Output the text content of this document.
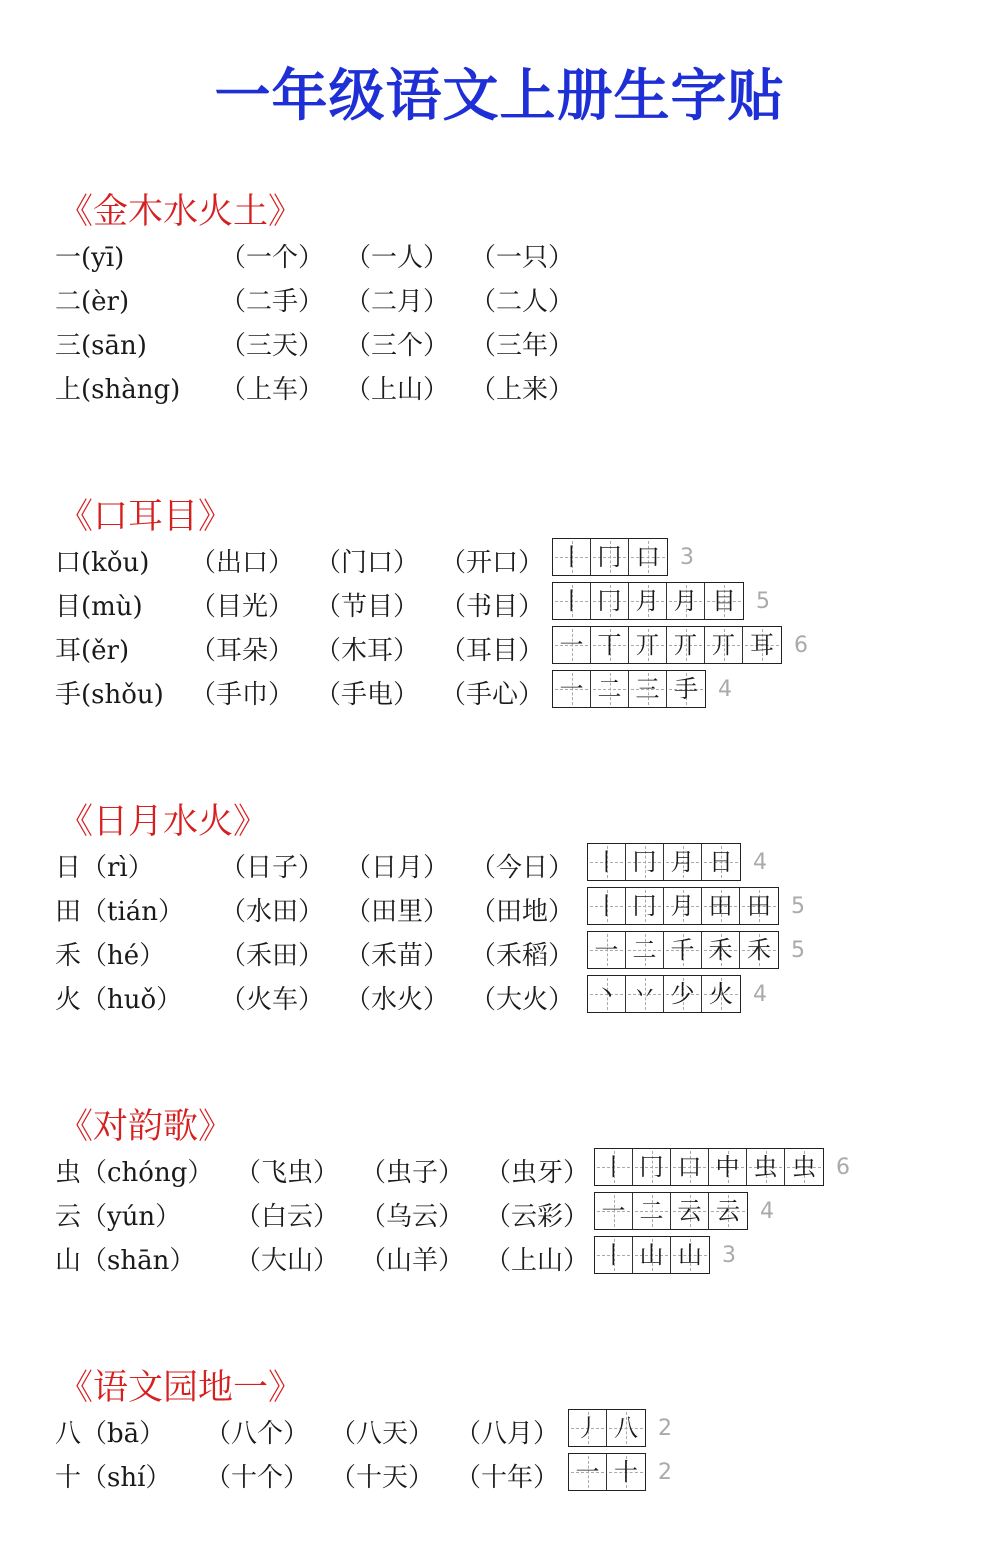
一年级语文上册生字贴
《金木水火土》
一(yī)	（一个） （一人） （一只）
二(èr)	（二手） （二月） （二人）
三(sān)	（三天） （三个） （三年）
上(shàng) （上车） （上山） （上来）
《口耳目》
口(kǒu) （出口） （门口） （开口） 丨 冂 口 3
目(mù) （目光） （节目） （书目） 丨 冂 月 月 目 5
耳(ěr) （耳朵） （木耳） （耳目） 一 丅 丌 丌 丌 耳 6
手(shǒu) （手巾） （手电） （手心） 一 二 三 手 4
《日月水火》
日（rì）	（日子） （日月） （今日） 丨 冂 月 日 4
田（tián） （水田） （田里） （田地） 丨 冂 月 田 田 5
禾（hé） （禾田） （禾苗） （禾稻） 一 二 千 禾 禾 5
火（huǒ） （火车） （水火） （大火） 丶 丷 少 火 4
《对韵歌》
虫（chóng） （飞虫） （虫子） （虫牙） 丨 冂 口 中 虫 虫 6
云（yún） （白云） （乌云） （云彩） 一 二 云 云 4
山（shān） （大山） （山羊） （上山） 丨 山 山 3
《语文园地一》
八（bā） （八个） （八天） （八月） 丿 八 2
十（shí） （十个） （十天） （十年） 一 十 2
